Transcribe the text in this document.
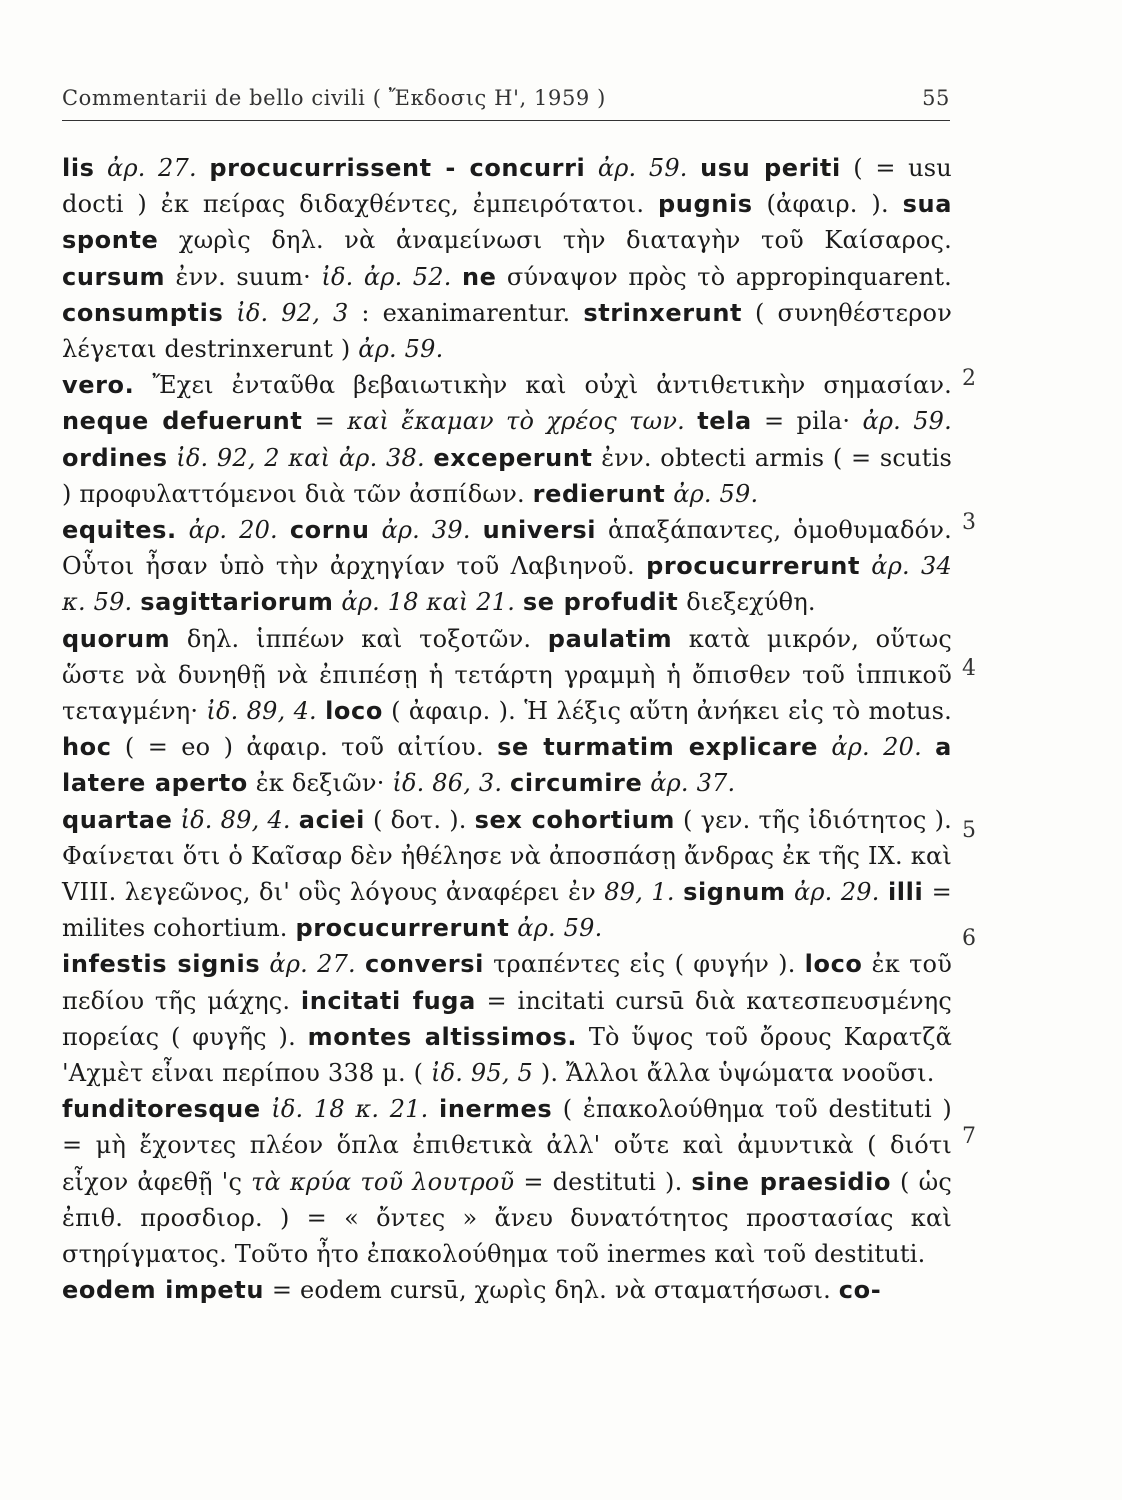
Commentarii de bello civili ( Ἔκδοσις Η', 1959 )	55

lis ἀρ. 27. procucurrissent - concurri ἀρ. 59. usu periti ( = usu docti ) ἐκ πείρας διδαχθέντες, ἐμπειρότατοι. pugnis (ἀφαιρ. ). sua sponte χωρὶς δηλ. νὰ ἀναμείνωσι τὴν διαταγὴν τοῦ Καίσαρος. cursum ἐνν. suum· ἰδ. ἀρ. 52. ne σύναψον πρὸς τὸ appropinquarent. consumptis ἰδ. 92, 3 : exanimarentur. strinxerunt ( συνηθέστερον λέγεται destrinxerunt ) ἀρ. 59.

vero. Ἔχει ἐνταῦθα βεβαιωτικὴν καὶ οὐχὶ ἀντιθετικὴν σημασίαν. neque defuerunt = καὶ ἔκαμαν τὸ χρέος των. tela = pila· ἀρ. 59. ordines ἰδ. 92, 2 καὶ ἀρ. 38. exceperunt ἐνν. obtecti armis ( = scutis ) προφυλαττόμενοι διὰ τῶν ἀσπίδων. redierunt ἀρ. 59.

equites. ἀρ. 20. cornu ἀρ. 39. universi ἁπαξάπαντες, ὁμοθυμαδόν. Οὗτοι ἦσαν ὑπὸ τὴν ἀρχηγίαν τοῦ Λαβιηνοῦ. procucurrerunt ἀρ. 34 κ. 59. sagittariorum ἀρ. 18 καὶ 21. se profudit διεξεχύθη.

quorum δηλ. ἱππέων καὶ τοξοτῶν. paulatim κατὰ μικρόν, οὕτως ὥστε νὰ δυνηθῇ νὰ ἐπιπέσῃ ἡ τετάρτη γραμμὴ ἡ ὄπισθεν τοῦ ἱππικοῦ τεταγμένη· ἰδ. 89, 4. loco ( ἀφαιρ. ). Ἡ λέξις αὕτη ἀνήκει εἰς τὸ motus. hoc ( = eo ) ἀφαιρ. τοῦ αἰτίου. se turmatim explicare ἀρ. 20. a latere aperto ἐκ δεξιῶν· ἰδ. 86, 3. circumire ἀρ. 37.

quartae ἰδ. 89, 4. aciei ( δοτ. ). sex cohortium ( γεν. τῆς ἰδιότητος ). Φαίνεται ὅτι ὁ Καῖσαρ δὲν ἠθέλησε νὰ ἀποσπάσῃ ἄνδρας ἐκ τῆς IX. καὶ VIII. λεγεῶνος, δι' οὓς λόγους ἀναφέρει ἐν 89, 1. signum ἀρ. 29. illi = milites cohortium. procucurrerunt ἀρ. 59.

infestis signis ἀρ. 27. conversi τραπέντες εἰς ( φυγήν ). loco ἐκ τοῦ πεδίου τῆς μάχης. incitati fuga = incitati cursū διὰ κατεσπευσμένης πορείας ( φυγῆς ). montes altissimos. Τὸ ὕψος τοῦ ὄρους Καρατζᾶ 'Αχμὲτ εἶναι περίπου 338 μ. ( ἰδ. 95, 5 ). Ἄλλοι ἄλλα ὑψώματα νοοῦσι.

funditoresque ἰδ. 18 κ. 21. inermes ( ἐπακολούθημα τοῦ destituti ) = μὴ ἔχοντες πλέον ὅπλα ἐπιθετικὰ ἀλλ' οὔτε καὶ ἀμυντικὰ ( διότι εἶχον ἀφεθῇ 'ς τὰ κρύα τοῦ λουτροῦ = destituti ). sine praesidio ( ὡς ἐπιθ. προσδιορ. ) = « ὄντες » ἄνευ δυνατότητος προστασίας καὶ στηρίγματος. Τοῦτο ἦτο ἐπακολούθημα τοῦ inermes καὶ τοῦ destituti.

eodem impetu = eodem cursū, χωρὶς δηλ. νὰ σταματήσωσι. co-

2
3
4
5
6
7
